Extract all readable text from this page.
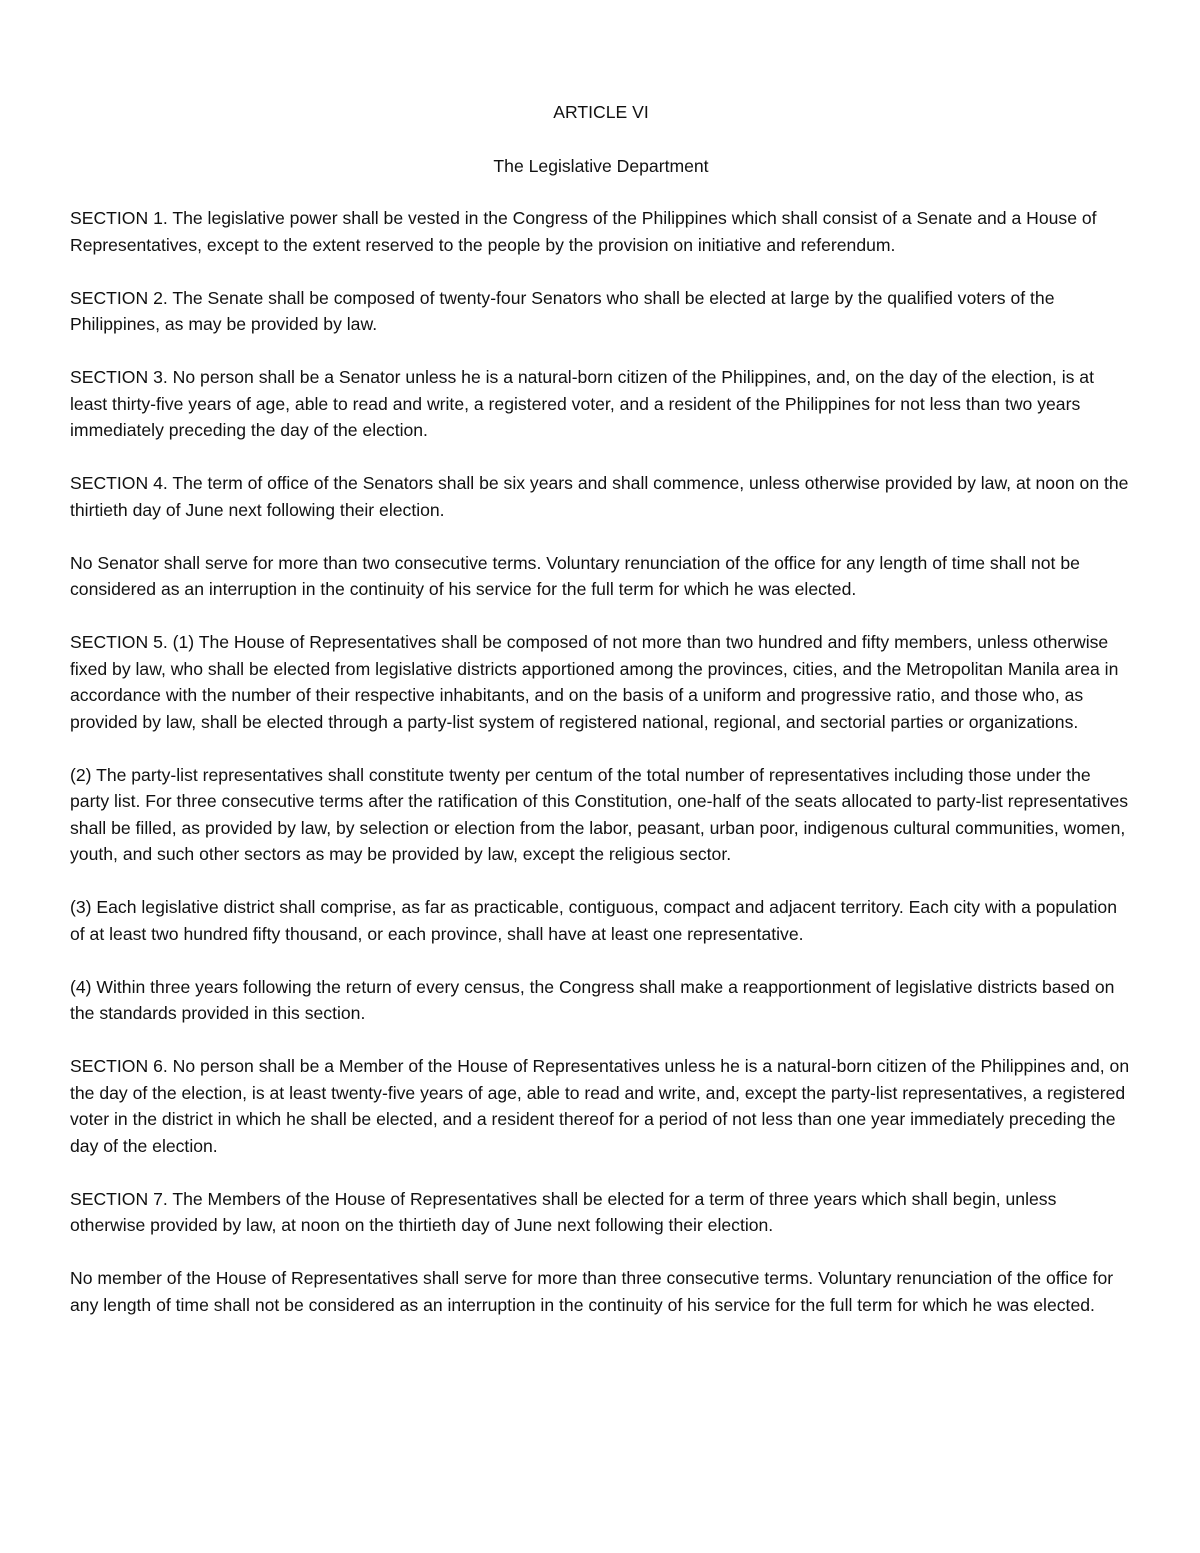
ARTICLE VI

The Legislative Department

SECTION 1. The legislative power shall be vested in the Congress of the Philippines which shall consist of a Senate and a House of Representatives, except to the extent reserved to the people by the provision on initiative and referendum.

SECTION 2. The Senate shall be composed of twenty-four Senators who shall be elected at large by the qualified voters of the Philippines, as may be provided by law.

SECTION 3. No person shall be a Senator unless he is a natural-born citizen of the Philippines, and, on the day of the election, is at least thirty-five years of age, able to read and write, a registered voter, and a resident of the Philippines for not less than two years immediately preceding the day of the election.

SECTION 4. The term of office of the Senators shall be six years and shall commence, unless otherwise provided by law, at noon on the thirtieth day of June next following their election.

No Senator shall serve for more than two consecutive terms. Voluntary renunciation of the office for any length of time shall not be considered as an interruption in the continuity of his service for the full term for which he was elected.

SECTION 5. (1) The House of Representatives shall be composed of not more than two hundred and fifty members, unless otherwise fixed by law, who shall be elected from legislative districts apportioned among the provinces, cities, and the Metropolitan Manila area in accordance with the number of their respective inhabitants, and on the basis of a uniform and progressive ratio, and those who, as provided by law, shall be elected through a party-list system of registered national, regional, and sectorial parties or organizations.

(2) The party-list representatives shall constitute twenty per centum of the total number of representatives including those under the party list. For three consecutive terms after the ratification of this Constitution, one-half of the seats allocated to party-list representatives shall be filled, as provided by law, by selection or election from the labor, peasant, urban poor, indigenous cultural communities, women, youth, and such other sectors as may be provided by law, except the religious sector.

(3) Each legislative district shall comprise, as far as practicable, contiguous, compact and adjacent territory. Each city with a population of at least two hundred fifty thousand, or each province, shall have at least one representative.

(4) Within three years following the return of every census, the Congress shall make a reapportionment of legislative districts based on the standards provided in this section.

SECTION 6. No person shall be a Member of the House of Representatives unless he is a natural-born citizen of the Philippines and, on the day of the election, is at least twenty-five years of age, able to read and write, and, except the party-list representatives, a registered voter in the district in which he shall be elected, and a resident thereof for a period of not less than one year immediately preceding the day of the election.

SECTION 7. The Members of the House of Representatives shall be elected for a term of three years which shall begin, unless otherwise provided by law, at noon on the thirtieth day of June next following their election.

No member of the House of Representatives shall serve for more than three consecutive terms. Voluntary renunciation of the office for any length of time shall not be considered as an interruption in the continuity of his service for the full term for which he was elected.
